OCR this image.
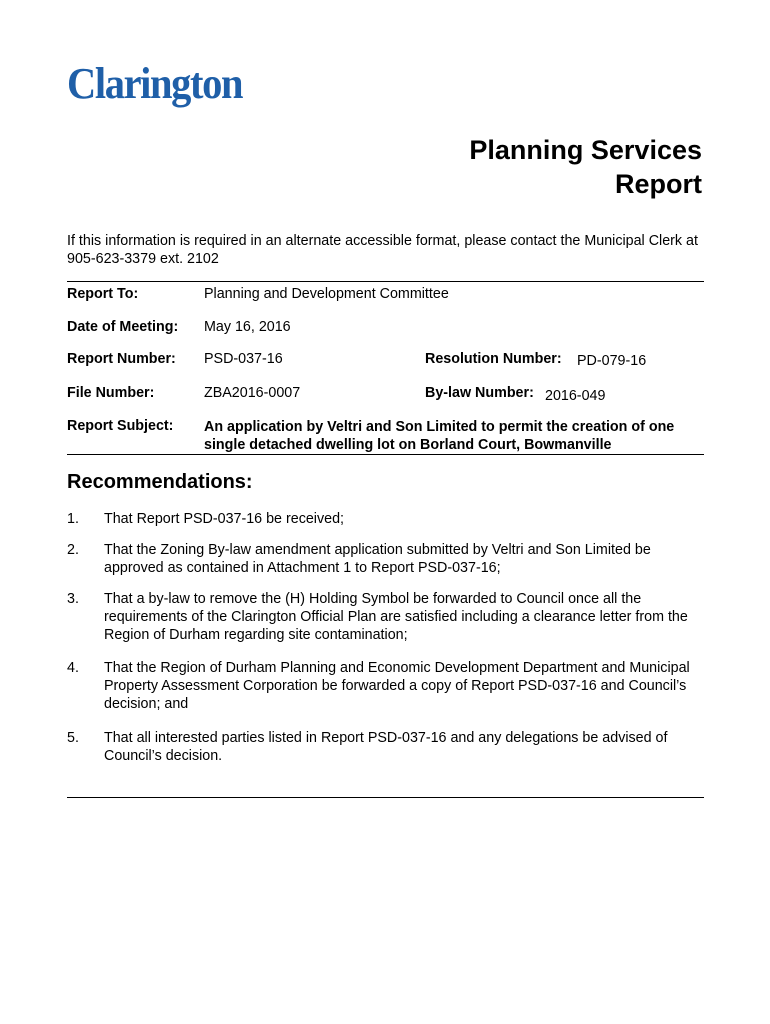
Clarington
Planning Services
Report
If this information is required in an alternate accessible format, please contact the Municipal Clerk at 905-623-3379 ext. 2102
Report To:	Planning and Development Committee
Date of Meeting: May 16, 2016
Report Number: PSD-037-16	Resolution Number: PD-079-16
File Number:	ZBA2016-0007	By-law Number: 2016-049
Report Subject: An application by Veltri and Son Limited to permit the creation of one single detached dwelling lot on Borland Court, Bowmanville
Recommendations:
1. That Report PSD-037-16 be received;
2. That the Zoning By-law amendment application submitted by Veltri and Son Limited be approved as contained in Attachment 1 to Report PSD-037-16;
3. That a by-law to remove the (H) Holding Symbol be forwarded to Council once all the requirements of the Clarington Official Plan are satisfied including a clearance letter from the Region of Durham regarding site contamination;
4. That the Region of Durham Planning and Economic Development Department and Municipal Property Assessment Corporation be forwarded a copy of Report PSD-037-16 and Council’s decision; and
5. That all interested parties listed in Report PSD-037-16 and any delegations be advised of Council’s decision.
